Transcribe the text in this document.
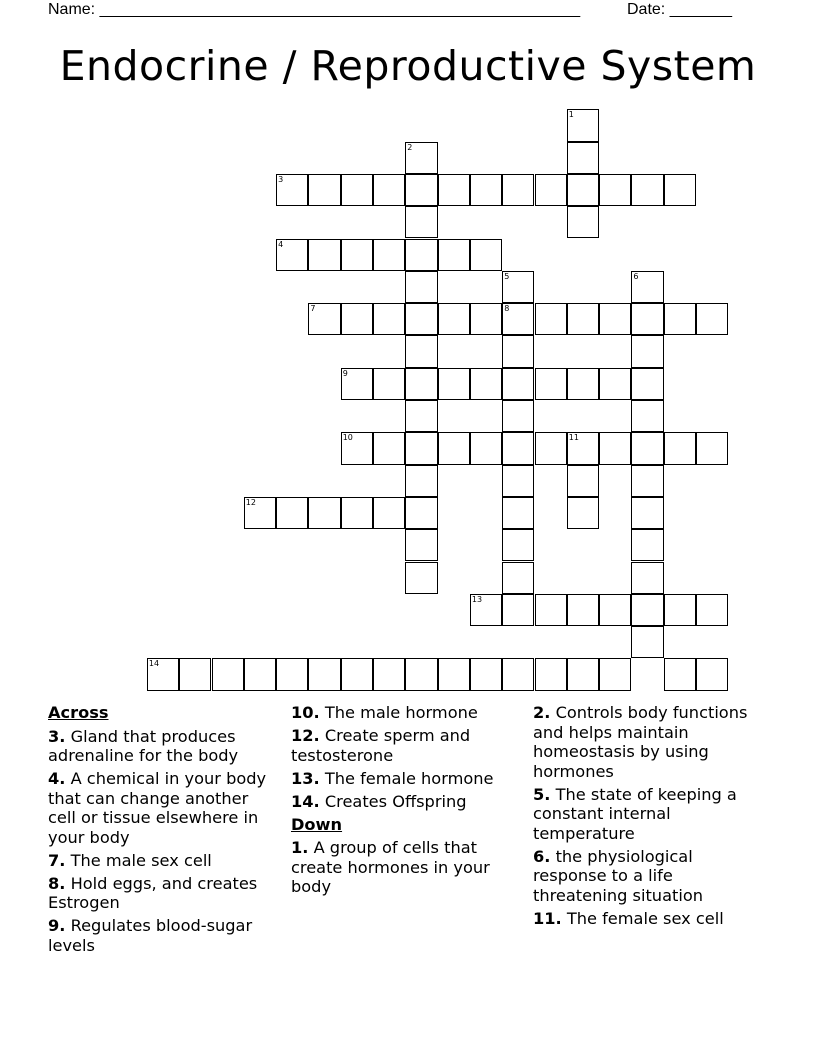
Name: ______________________________________________________	Date: _______
Endocrine / Reproductive System
1
2
3
4
5
8
6
7
9
10	11
12
13
14
Across
3. Gland that produces adrenaline for the body
4. A chemical in your body that can change another cell or tissue elsewhere in your body
7. The male sex cell
8. Hold eggs, and creates Estrogen
9. Regulates blood-sugar levels
10. The male hormone
12. Create sperm and testosterone
13. The female hormone
14. Creates Offspring
Down
1. A group of cells that create hormones in your body
2. Controls body functions and helps maintain homeostasis by using hormones
5. The state of keeping a constant internal temperature
6. the physiological response to a life threatening situation
11. The female sex cell
